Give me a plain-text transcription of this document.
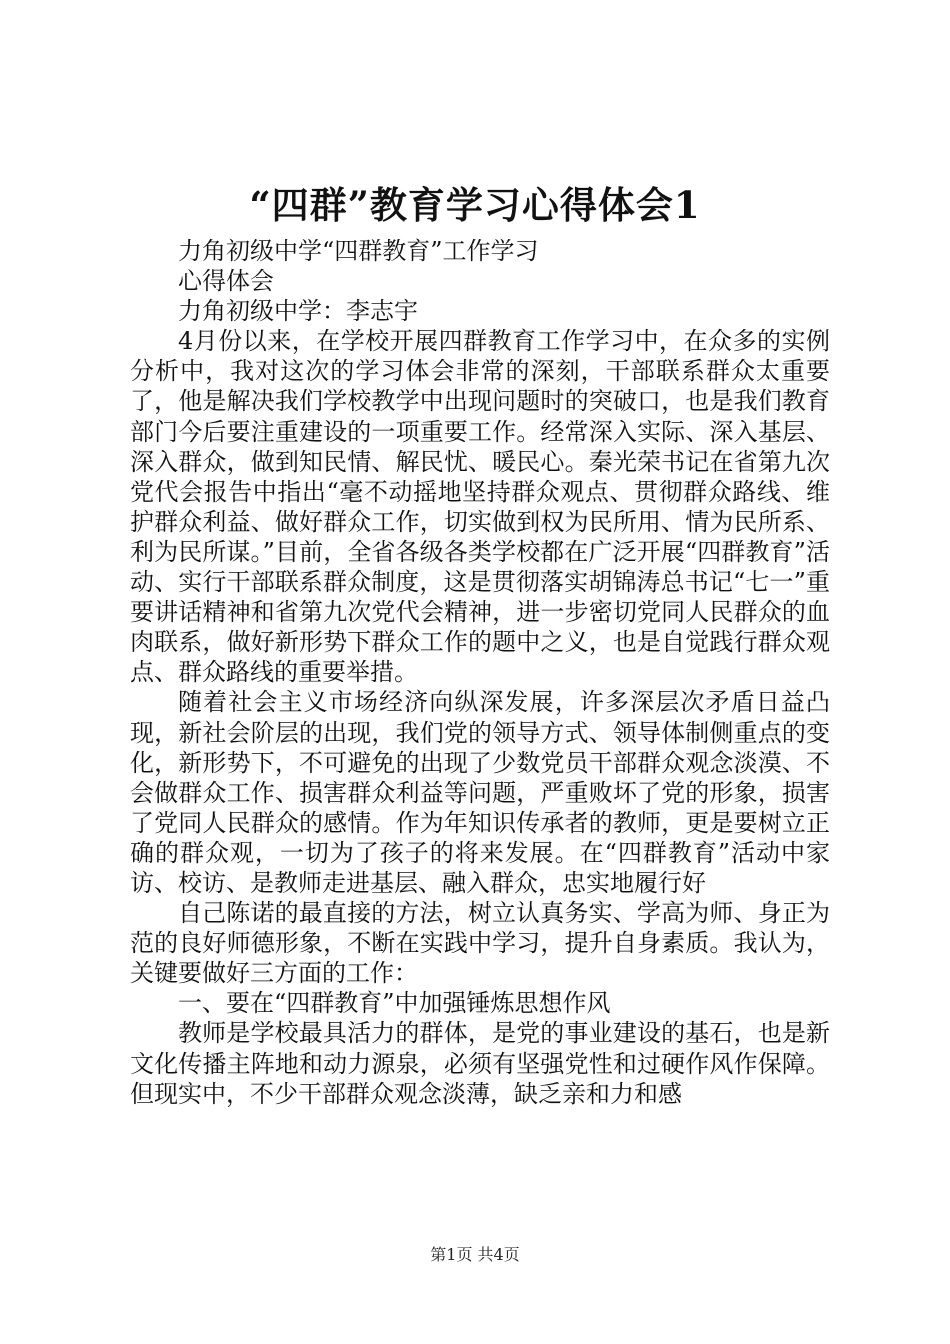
“四群”教育学习心得体会1

力角初级中学“四群教育”工作学习

心得体会

力角初级中学：李志宇

4月份以来，在学校开展四群教育工作学习中，在众多的实例分析中，我对这次的学习体会非常的深刻，干部联系群众太重要了，他是解决我们学校教学中出现问题时的突破口，也是我们教育部门今后要注重建设的一项重要工作。经常深入实际、深入基层、深入群众，做到知民情、解民忧、暖民心。秦光荣书记在省第九次党代会报告中指出“毫不动摇地坚持群众观点、贯彻群众路线、维护群众利益、做好群众工作，切实做到权为民所用、情为民所系、利为民所谋。”目前，全省各级各类学校都在广泛开展“四群教育”活动、实行干部联系群众制度，这是贯彻落实胡锦涛总书记“七一”重要讲话精神和省第九次党代会精神，进一步密切党同人民群众的血肉联系，做好新形势下群众工作的题中之义，也是自觉践行群众观点、群众路线的重要举措。

随着社会主义市场经济向纵深发展，许多深层次矛盾日益凸现，新社会阶层的出现，我们党的领导方式、领导体制侧重点的变化，新形势下，不可避免的出现了少数党员干部群众观念淡漠、不会做群众工作、损害群众利益等问题，严重败坏了党的形象，损害了党同人民群众的感情。作为年知识传承者的教师，更是要树立正确的群众观，一切为了孩子的将来发展。在“四群教育”活动中家访、校访、是教师走进基层、融入群众，忠实地履行好

自己陈诺的最直接的方法，树立认真务实、学高为师、身正为范的良好师德形象，不断在实践中学习，提升自身素质。我认为，关键要做好三方面的工作：

一、要在“四群教育”中加强锤炼思想作风

教师是学校最具活力的群体，是党的事业建设的基石，也是新文化传播主阵地和动力源泉，必须有坚强党性和过硬作风作保障。但现实中，不少干部群众观念淡薄，缺乏亲和力和感

第1页 共4页
